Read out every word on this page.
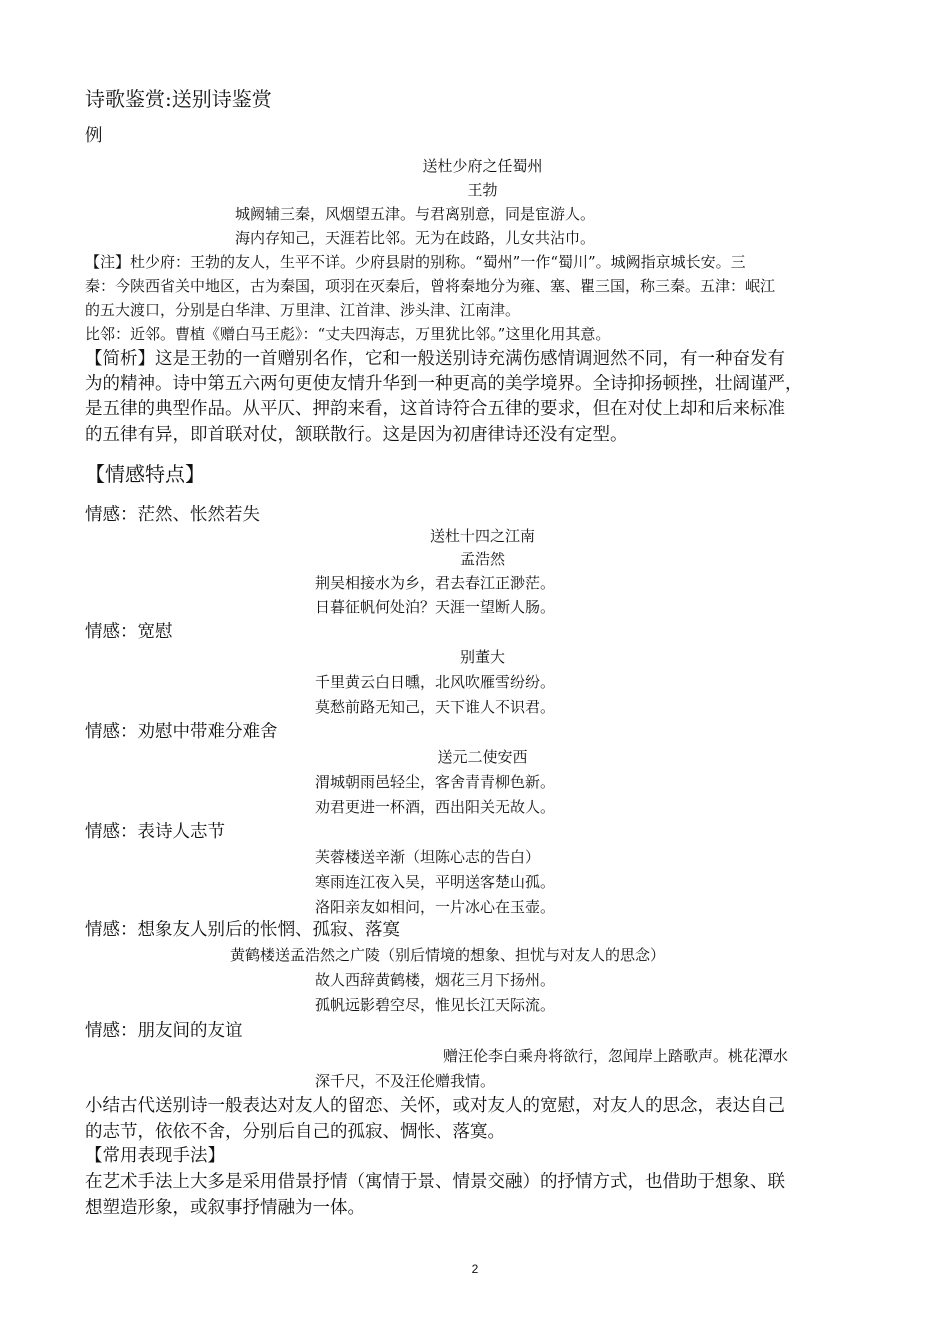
诗歌鉴赏:送别诗鉴赏
例
送杜少府之任蜀州
王勃
城阙辅三秦，风烟望五津。与君离别意，同是宦游人。
海内存知己，天涯若比邻。无为在歧路，儿女共沾巾。
【注】杜少府：王勃的友人，生平不详。少府县尉的别称。“蜀州”一作“蜀川”。城阙指京城长安。三
秦：今陕西省关中地区，古为秦国，项羽在灭秦后，曾将秦地分为雍、塞、瞿三国，称三秦。五津：岷江
的五大渡口，分别是白华津、万里津、江首津、涉头津、江南津。
比邻：近邻。曹植《赠白马王彪》：“丈夫四海志，万里犹比邻。”这里化用其意。
【简析】这是王勃的一首赠别名作，它和一般送别诗充满伤感情调迥然不同，有一种奋发有
为的精神。诗中第五六两句更使友情升华到一种更高的美学境界。全诗抑扬顿挫，壮阔谨严，
是五律的典型作品。从平仄、押韵来看，这首诗符合五律的要求，但在对仗上却和后来标准
的五律有异，即首联对仗，颔联散行。这是因为初唐律诗还没有定型。
【情感特点】
情感：茫然、怅然若失
送杜十四之江南
孟浩然
荆吴相接水为乡，君去春江正渺茫。
日暮征帆何处泊？天涯一望断人肠。
情感：宽慰
别董大
千里黄云白日曛，北风吹雁雪纷纷。
莫愁前路无知己，天下谁人不识君。
情感：劝慰中带难分难舍
送元二使安西
渭城朝雨邑轻尘，客舍青青柳色新。
劝君更进一杯酒，西出阳关无故人。
情感：表诗人志节
芙蓉楼送辛渐（坦陈心志的告白）
寒雨连江夜入吴，平明送客楚山孤。
洛阳亲友如相问，一片冰心在玉壶。
情感：想象友人别后的怅惘、孤寂、落寞
黄鹤楼送孟浩然之广陵（别后情境的想象、担忧与对友人的思念）
故人西辞黄鹤楼，烟花三月下扬州。
孤帆远影碧空尽，惟见长江天际流。
情感：朋友间的友谊
赠汪伦李白乘舟将欲行，忽闻岸上踏歌声。桃花潭水
深千尺，不及汪伦赠我情。
小结古代送别诗一般表达对友人的留恋、关怀，或对友人的宽慰，对友人的思念，表达自己
的志节，依依不舍，分别后自己的孤寂、惆怅、落寞。
【常用表现手法】
在艺术手法上大多是采用借景抒情（寓情于景、情景交融）的抒情方式，也借助于想象、联
想塑造形象，或叙事抒情融为一体。
2
